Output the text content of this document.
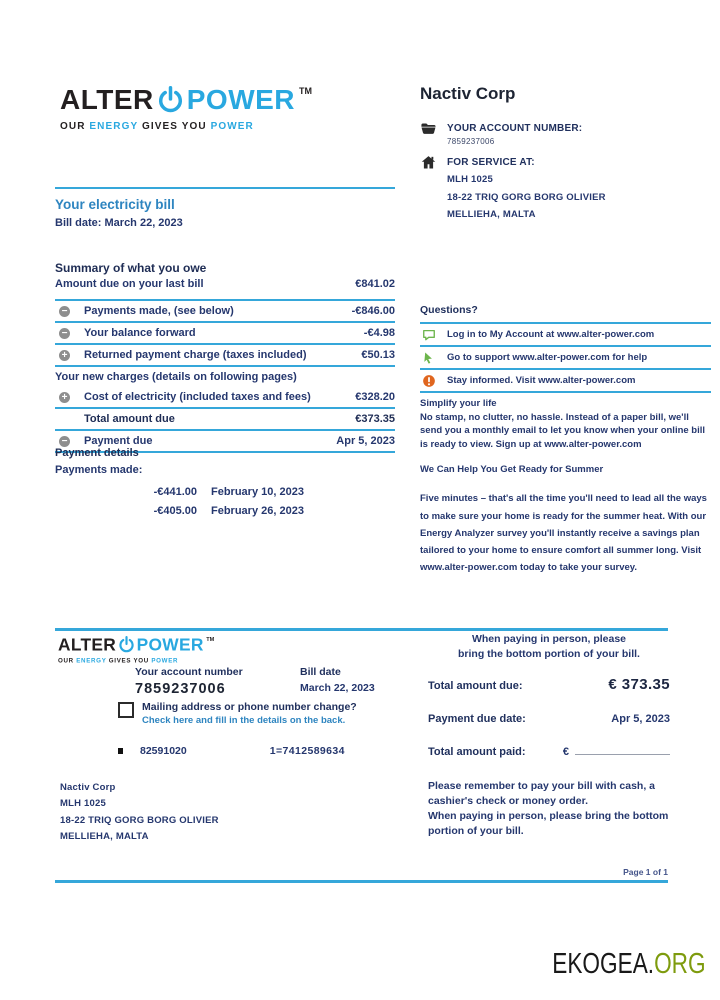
ALTER POWER TM
OUR ENERGY GIVES YOU POWER
Nactiv Corp
YOUR ACCOUNT NUMBER:
7859237006
FOR SERVICE AT:
MLH 1025
18-22 TRIQ GORG BORG OLIVIER
MELLIEHA, MALTA
Your electricity bill
Bill date: March 22, 2023
Summary of what you owe
Amount due on your last bill	€841.02
− Payments made, (see below)	-€846.00
− Your balance forward	-€4.98
+ Returned payment charge (taxes included)	€50.13
Your new charges (details on following pages)
+ Cost of electricity (included taxes and fees)	€328.20
Total amount due	€373.35
− Payment due	Apr 5, 2023
Payment details
Payments made:
-€441.00 February 10, 2023
-€405.00 February 26, 2023
Questions?
Log in to My Account at www.alter-power.com
Go to support www.alter-power.com for help
Stay informed. Visit www.alter-power.com
Simplify your life
No stamp, no clutter, no hassle. Instead of a paper bill, we'll send you a monthly email to let you know when your online bill is ready to view. Sign up at www.alter-power.com
We Can Help You Get Ready for Summer
Five minutes – that's all the time you'll need to lead all the ways to make sure your home is ready for the summer heat. With our Energy Analyzer survey you'll instantly receive a savings plan tailored to your home to ensure comfort all summer long. Visit www.alter-power.com today to take your survey.
ALTER POWER TM
OUR ENERGY GIVES YOU POWER
Your account number
7859237006
Bill date
March 22, 2023
Mailing address or phone number change?
Check here and fill in the details on the back.
82591020	1=7412589634
Nactiv Corp
MLH 1025
18-22 TRIQ GORG BORG OLIVIER
MELLIEHA, MALTA
When paying in person, please
bring the bottom portion of your bill.
Total amount due:	€ 373.35
Payment due date:	Apr 5, 2023
Total amount paid:	€
Please remember to pay your bill with cash, a cashier's check or money order.
When paying in person, please bring the bottom portion of your bill.
Page 1 of 1
EKOGEA.ORG
